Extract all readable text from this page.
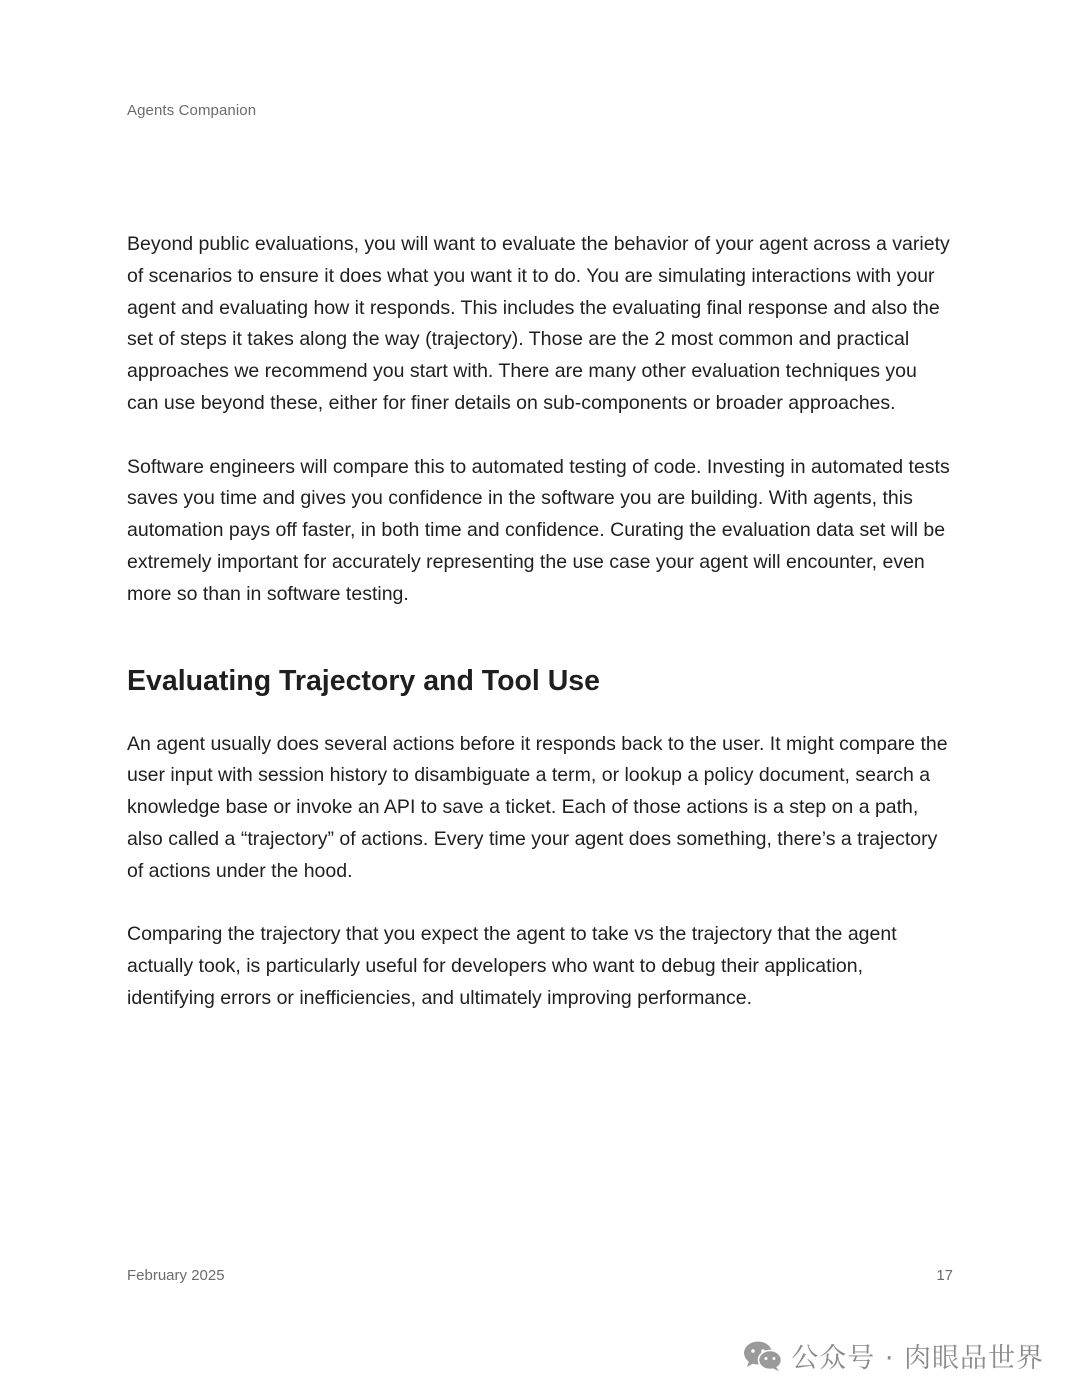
Agents Companion

Beyond public evaluations, you will want to evaluate the behavior of your agent across a variety of scenarios to ensure it does what you want it to do. You are simulating interactions with your agent and evaluating how it responds. This includes the evaluating final response and also the set of steps it takes along the way (trajectory). Those are the 2 most common and practical approaches we recommend you start with. There are many other evaluation techniques you can use beyond these, either for finer details on sub-components or broader approaches.

Software engineers will compare this to automated testing of code. Investing in automated tests saves you time and gives you confidence in the software you are building. With agents, this automation pays off faster, in both time and confidence. Curating the evaluation data set will be extremely important for accurately representing the use case your agent will encounter, even more so than in software testing.

Evaluating Trajectory and Tool Use

An agent usually does several actions before it responds back to the user. It might compare the user input with session history to disambiguate a term, or lookup a policy document, search a knowledge base or invoke an API to save a ticket. Each of those actions is a step on a path, also called a “trajectory” of actions. Every time your agent does something, there’s a trajectory of actions under the hood.

Comparing the trajectory that you expect the agent to take vs the trajectory that the agent actually took, is particularly useful for developers who want to debug their application, identifying errors or inefficiencies, and ultimately improving performance.

February 2025	17
公众号 · 肉眼品世界
